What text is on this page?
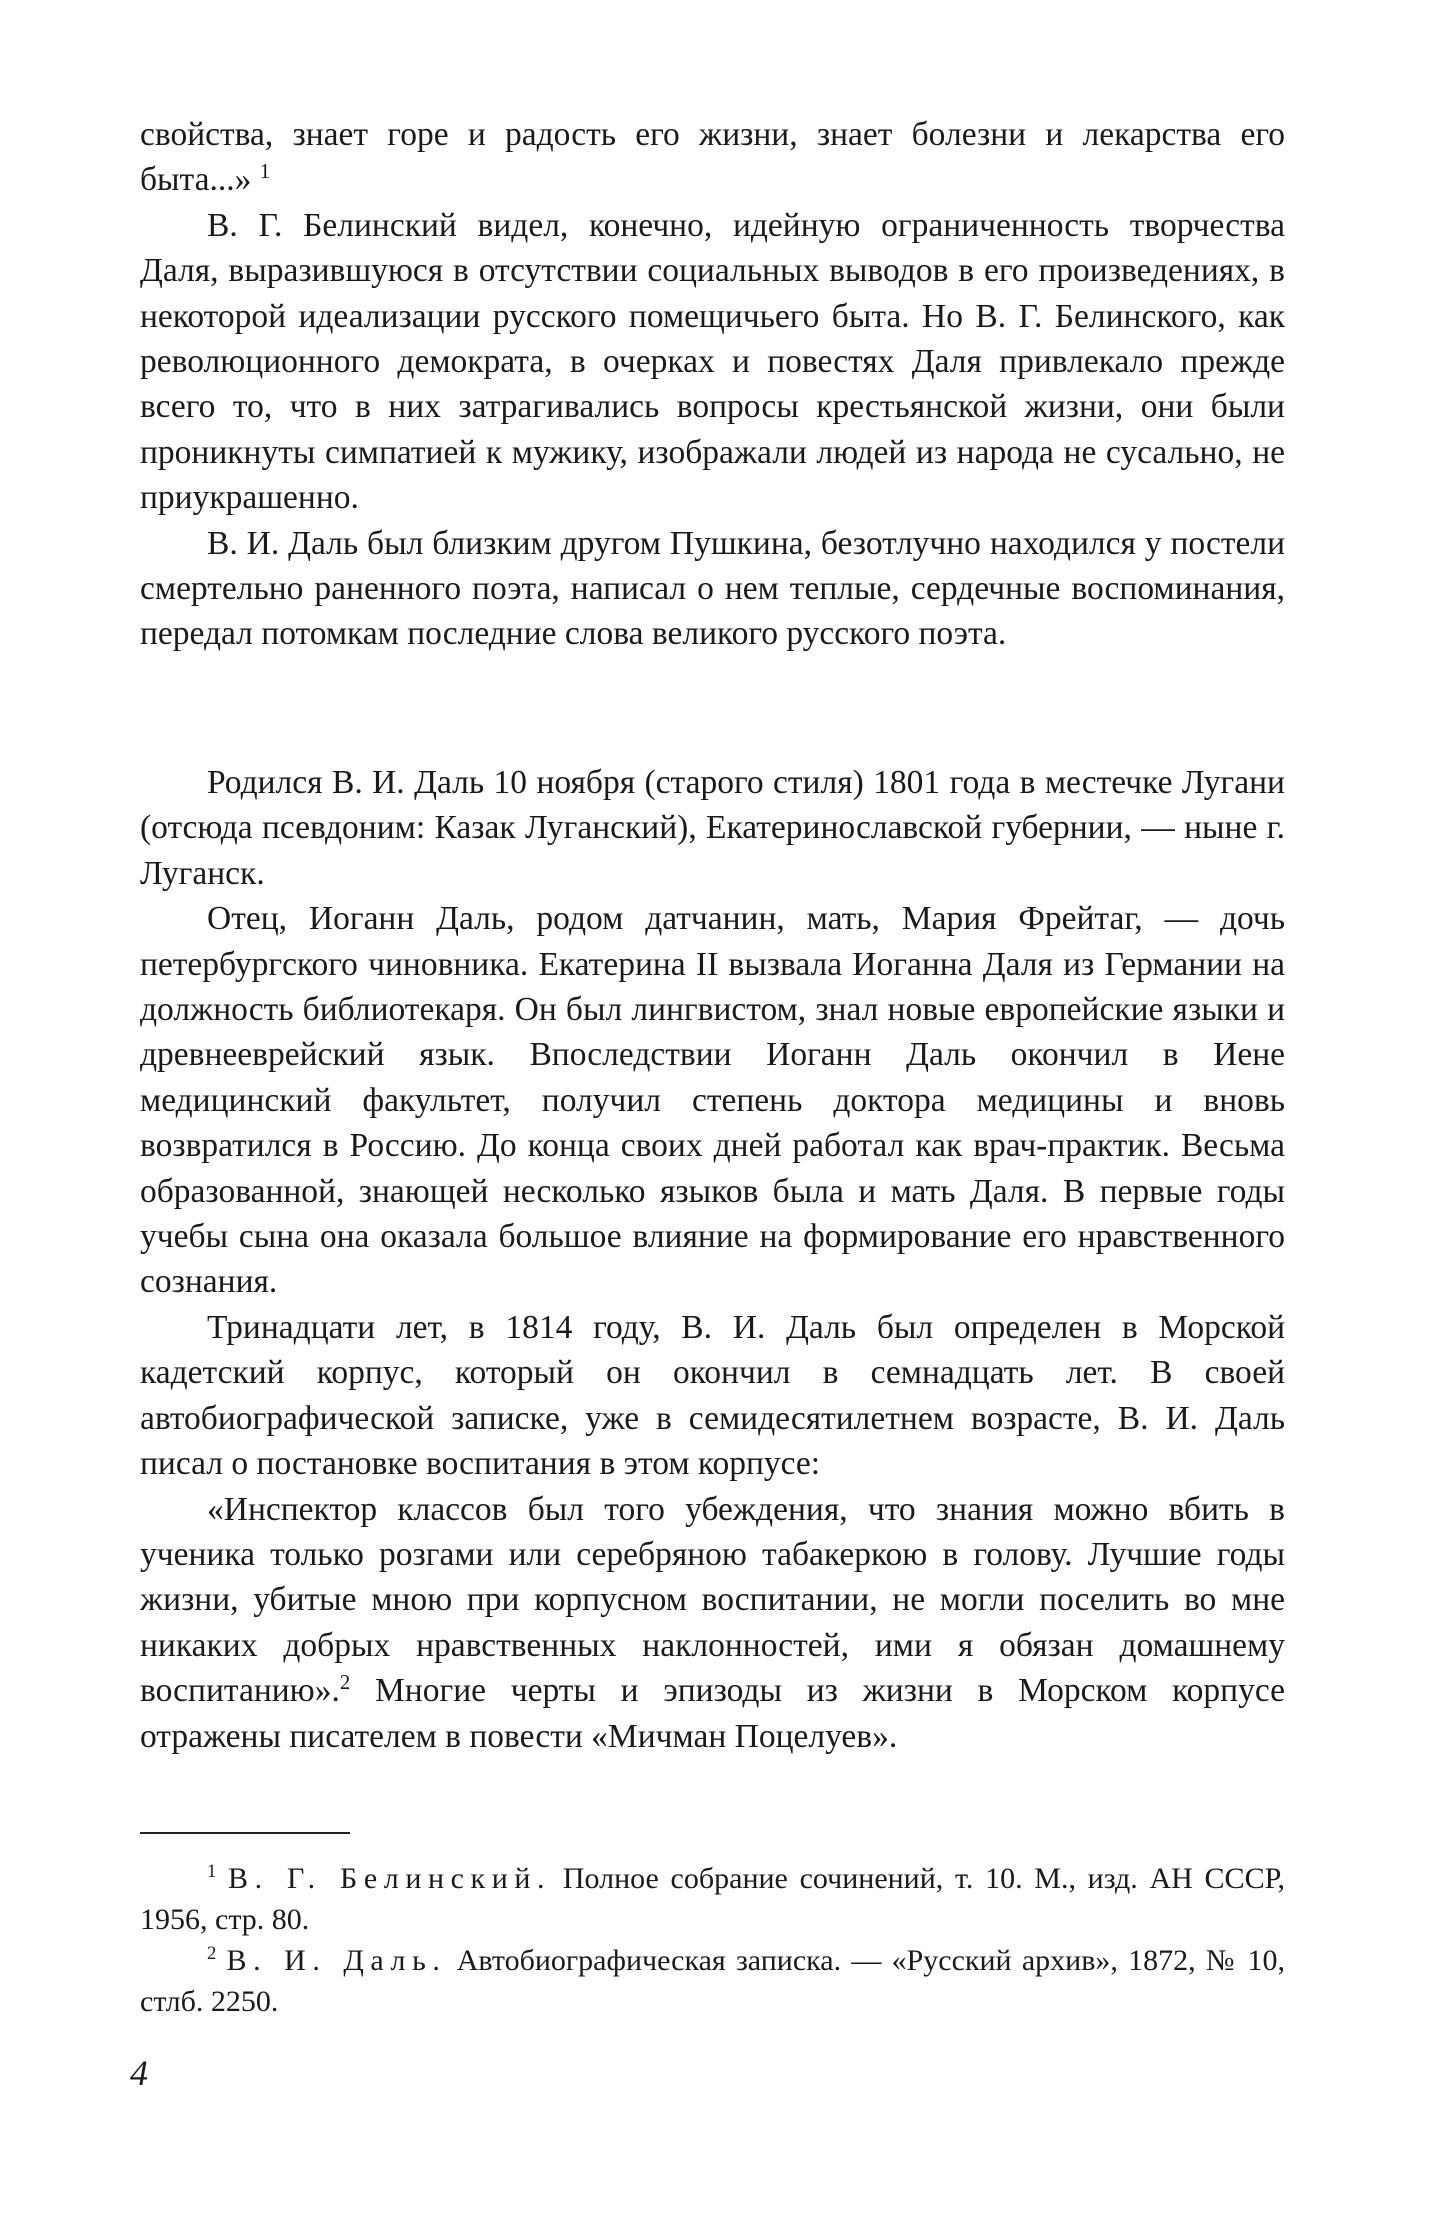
свойства, знает горе и радость его жизни, знает болезни и лекарства его быта...» $^1$

В. Г. Белинский видел, конечно, идейную ограниченность творчества Даля, выразившуюся в отсутствии социальных выводов в его произведениях, в некоторой идеализации русского помещичьего быта. Но В. Г. Белинского, как революционного демократа, в очерках и повестях Даля привлекало прежде всего то, что в них затрагивались вопросы крестьянской жизни, они были проникнуты симпатией к мужику, изображали людей из народа не сусально, не приукрашенно.

В. И. Даль был близким другом Пушкина, безотлучно находился у постели смертельно раненного поэта, написал о нем теплые, сердечные воспоминания, передал потомкам последние слова великого русского поэта.

Родился В. И. Даль 10 ноября (старого стиля) 1801 года в местечке Лугани (отсюда псевдоним: Казак Луганский), Екатеринославской губернии, — ныне г. Луганск.

Отец, Иоганн Даль, родом датчанин, мать, Мария Фрейтаг, — дочь петербургского чиновника. Екатерина II вызвала Иоганна Даля из Германии на должность библиотекаря. Он был лингвистом, знал новые европейские языки и древнееврейский язык. Впоследствии Иоганн Даль окончил в Иене медицинский факультет, получил степень доктора медицины и вновь возвратился в Россию. До конца своих дней работал как врач-практик. Весьма образованной, знающей несколько языков была и мать Даля. В первые годы учебы сына она оказала большое влияние на формирование его нравственного сознания.

Тринадцати лет, в 1814 году, В. И. Даль был определен в Морской кадетский корпус, который он окончил в семнадцать лет. В своей автобиографической записке, уже в семидесятилетнем возрасте, В. И. Даль писал о постановке воспитания в этом корпусе:

«Инспектор классов был того убеждения, что знания можно вбить в ученика только розгами или серебряною табакеркою в голову. Лучшие годы жизни, убитые мною при корпусном воспитании, не могли поселить во мне никаких добрых нравственных наклонностей, ими я обязан домашнему воспитанию».$^2$ Многие черты и эпизоды из жизни в Морском корпусе отражены писателем в повести «Мичман Поцелуев».

$^1$ В. Г. Белинский. Полное собрание сочинений, т. 10. М., изд. АН СССР, 1956, стр. 80.

$^2$ В. И. Даль. Автобиографическая записка. — «Русский архив», 1872, № 10, стлб. 2250.

4
